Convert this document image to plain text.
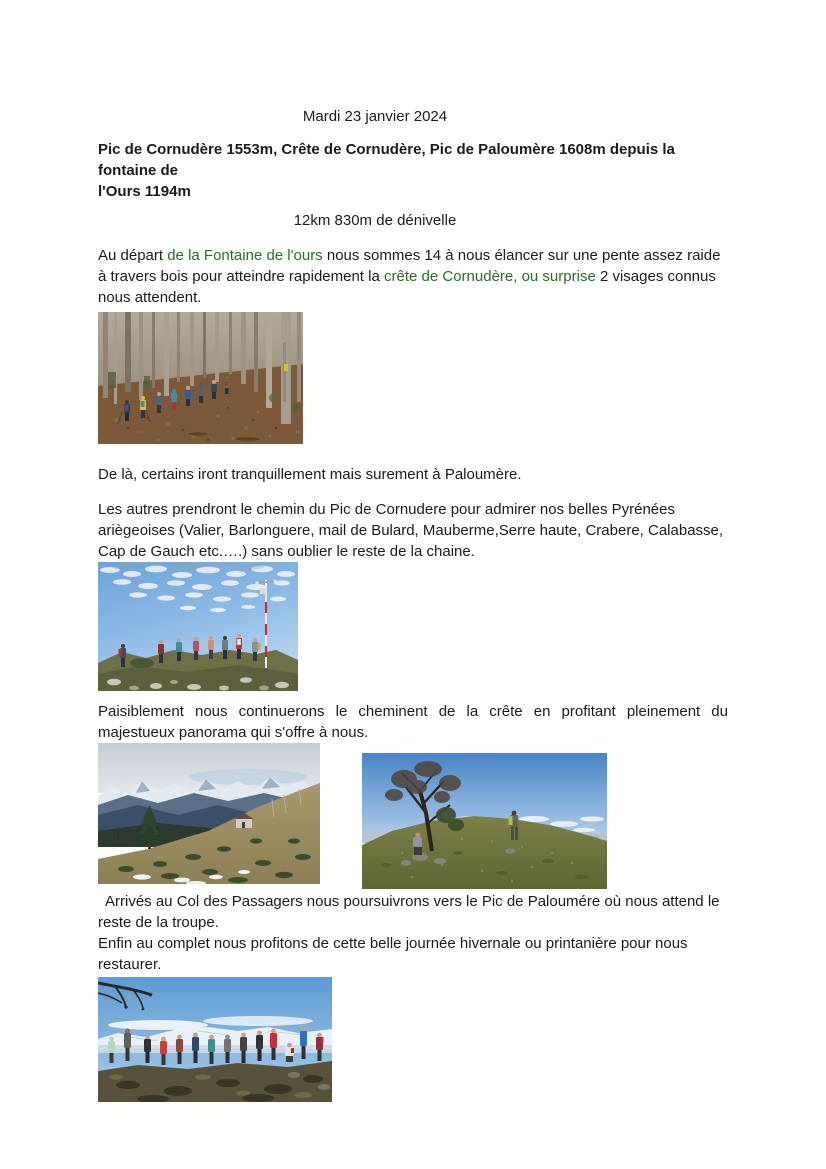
Mardi 23 janvier 2024

Pic de Cornudère 1553m, Crête de Cornudère, Pic de Paloumère 1608m depuis la fontaine de
l'Ours 1194m

12km 830m de dénivelle

Au départ de la Fontaine de l'ours nous sommes 14 à nous élancer sur une pente assez raide à travers bois pour atteindre rapidement la crête de Cornudère, ou surprise 2 visages connus nous attendent.

De là, certains iront tranquillement mais surement à Paloumère.

Les autres prendront le chemin du Pic de Cornudere pour admirer nos belles Pyrénées ariègeoises (Valier, Barlonguere, mail de Bulard, Mauberme,Serre haute, Crabere, Calabasse, Cap de Gauch etc.….) sans oublier le reste de la chaine.

Paisiblement nous continuerons le cheminent de la crête en profitant pleinement du majestueux panorama qui s'offre à nous.

Arrivés au Col des Passagers nous poursuivrons vers le Pic de Paloumére où nous attend le reste de la troupe.

Enfin au complet nous profitons de cette belle journée hivernale ou printanière pour nous restaurer.
